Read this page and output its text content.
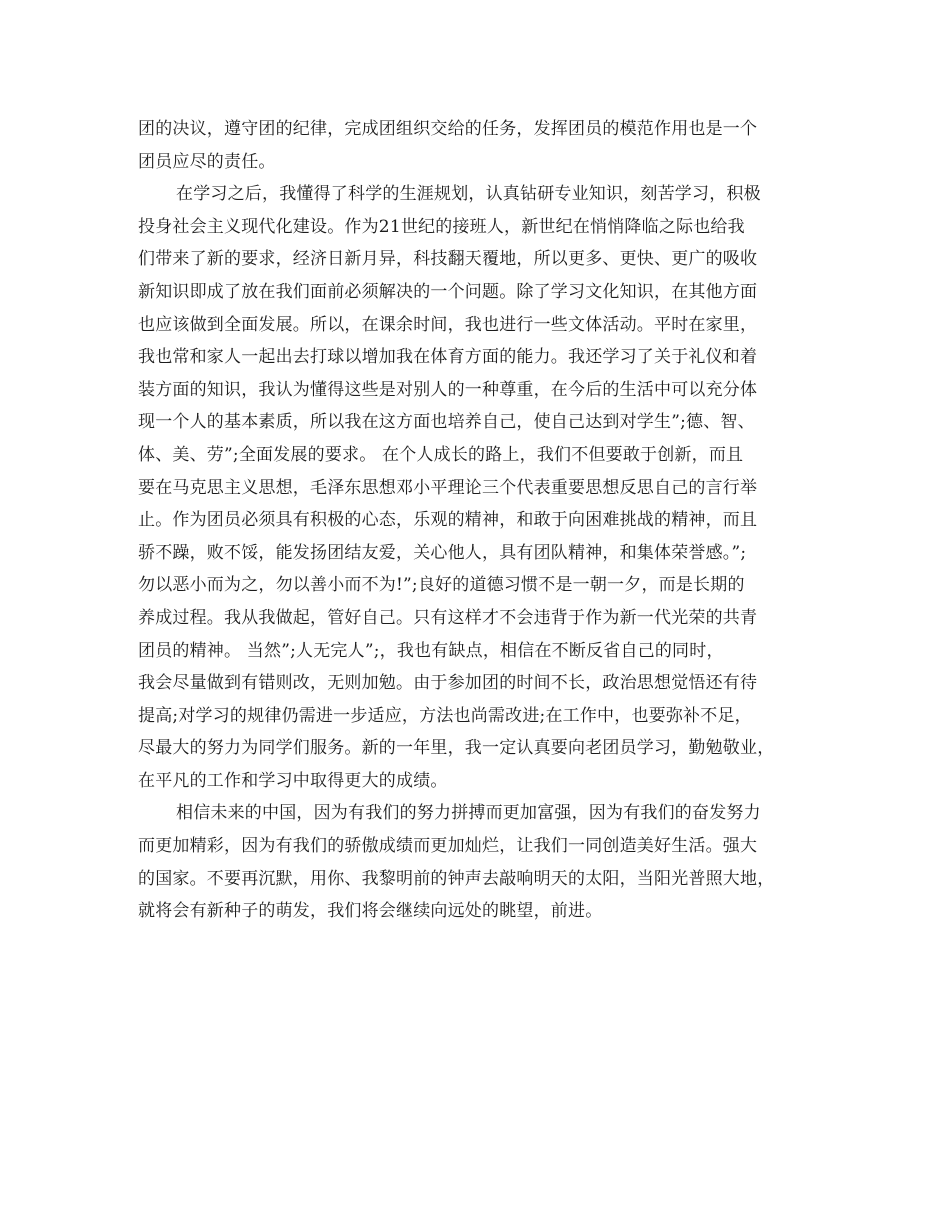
团的决议，遵守团的纪律，完成团组织交给的任务，发挥团员的模范作用也是一个
团员应尽的责任。
在学习之后，我懂得了科学的生涯规划，认真钻研专业知识，刻苦学习，积极
投身社会主义现代化建设。作为21世纪的接班人，新世纪在悄悄降临之际也给我
们带来了新的要求，经济日新月异，科技翻天覆地，所以更多、更快、更广的吸收
新知识即成了放在我们面前必须解决的一个问题。除了学习文化知识，在其他方面
也应该做到全面发展。所以，在课余时间，我也进行一些文体活动。平时在家里，
我也常和家人一起出去打球以增加我在体育方面的能力。我还学习了关于礼仪和着
装方面的知识，我认为懂得这些是对别人的一种尊重，在今后的生活中可以充分体
现一个人的基本素质，所以我在这方面也培养自己，使自己达到对学生”;德、智、
体、美、劳”;全面发展的要求。 在个人成长的路上，我们不但要敢于创新，而且
要在马克思主义思想，毛泽东思想邓小平理论三个代表重要思想反思自己的言行举
止。作为团员必须具有积极的心态，乐观的精神，和敢于向困难挑战的精神，而且
骄不躁，败不馁，能发扬团结友爱，关心他人，具有团队精神，和集体荣誉感。”;
勿以恶小而为之，勿以善小而不为!”;良好的道德习惯不是一朝一夕，而是长期的
养成过程。我从我做起，管好自己。只有这样才不会违背于作为新一代光荣的共青
团员的精神。 当然”;人无完人”;，我也有缺点，相信在不断反省自己的同时，
我会尽量做到有错则改，无则加勉。由于参加团的时间不长，政治思想觉悟还有待
提高;对学习的规律仍需进一步适应，方法也尚需改进;在工作中，也要弥补不足，
尽最大的努力为同学们服务。新的一年里，我一定认真要向老团员学习，勤勉敬业，
在平凡的工作和学习中取得更大的成绩。
相信未来的中国，因为有我们的努力拼搏而更加富强，因为有我们的奋发努力
而更加精彩，因为有我们的骄傲成绩而更加灿烂，让我们一同创造美好生活。强大
的国家。不要再沉默，用你、我黎明前的钟声去敲响明天的太阳，当阳光普照大地，
就将会有新种子的萌发，我们将会继续向远处的眺望，前进。
